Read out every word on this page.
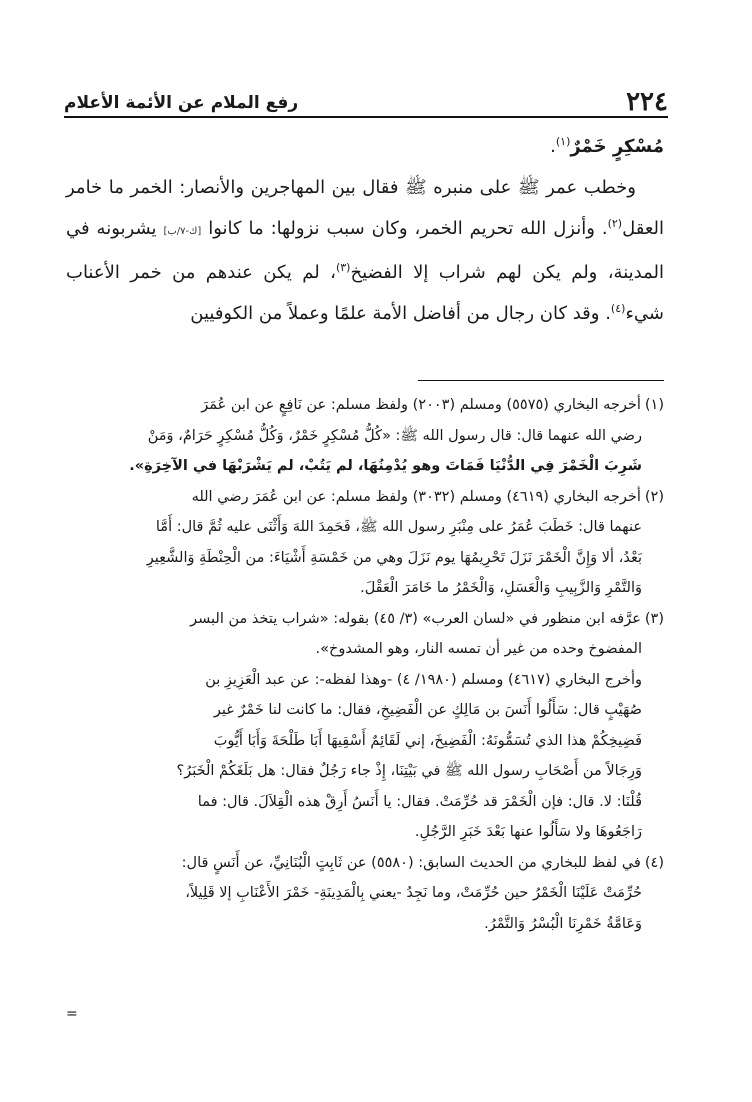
٢٢٤
رفع الملام عن الأئمة الأعلام

مُسْكِرٍ خَمْرٌ$^{(١)}$.

وخطب عمر ﷺ على منبره ﷺ فقال بين المهاجرين والأنصار: الخمر ما خامر العقل$^{(٢)}$. وأنزل الله تحريم الخمر، وكان سبب نزولها: ما كانوا [ك-٧/ب] يشربونه في المدينة، ولم يكن لهم شراب إلا الفضيخ$^{(٣)}$، لم يكن عندهم من خمر الأعناب شيء$^{(٤)}$. وقد كان رجال من أفاضل الأمة علمًا وعملاً من الكوفيين

(١)أخرجه البخاري (٥٥٧٥) ومسلم (٢٠٠٣) ولفظ مسلم: عن نَافِعٍ عن ابن عُمَرَ
رضي الله عنهما قال: قال رسول الله ﷺ: «كُلُّ مُسْكِرٍ خَمْرٌ، وَكُلُّ مُسْكِرٍ حَرَامٌ، وَمَنْ
شَرِبَ الْخَمْرَ فِي الدُّنْيَا فَمَاتَ وهو يُدْمِنُهَا، لم يَتُبْ، لم يَشْرَبْهَا في الآخِرَةِ».
(٢)أخرجه البخاري (٤٦١٩) ومسلم (٣٠٣٢) ولفظ مسلم: عن ابن عُمَرَ رضي الله
عنهما قال: خَطَبَ عُمَرُ على مِنْبَرِ رسول الله ﷺ، فَحَمِدَ اللهَ وَأَثْنَى عليه ثُمَّ قال: أَمَّا
بَعْدُ، ألا وَإِنَّ الْخَمْرَ نَزَلَ تَحْرِيمُهَا يوم نَزَلَ وهي من خَمْسَةِ أَشْيَاءَ: من الْحِنْطَةِ وَالشَّعِيرِ
وَالتَّمْرِ وَالزَّبِيبِ وَالْعَسَلِ، وَالْخَمْرُ ما خَامَرَ الْعَقْلَ.
(٣)عرَّفه ابن منظور في «لسان العرب» (٣/ ٤٥) بقوله: «شراب يتخذ من البسر
المفضوخ وحده من غير أن تمسه النار، وهو المشدوخ».
وأخرج البخاري (٤٦١٧) ومسلم (١٩٨٠/ ٤) -وهذا لفظه-: عن عبد الْعَزِيزِ بن
صُهَيْبٍ قال: سَأَلُوا أَنَسَ بن مَالِكٍ عن الْفَضِيخِ، فقال: ما كانت لنا خَمْرٌ غير
فَضِيخِكُمْ هذا الذي تُسَمُّونَهُ: الْفَضِيخَ، إني لَقَائِمٌ أَسْقِيهَا أَبَا طَلْحَةَ وَأَبَا أَيُّوبَ
وَرِجَالاً من أَصْحَابِ رسول الله ﷺ في بَيْتِنَا، إِذْ جاء رَجُلٌ فقال: هل بَلَغَكُمْ الْخَبَرُ؟
قُلْنَا: لا. قال: فإن الْخَمْرَ قد حُرِّمَتْ. فقال: يا أَنَسُ أَرِقْ هذه الْقِلاَلَ. قال: فما
رَاجَعُوهَا ولا سَأَلُوا عنها بَعْدَ خَبَرِ الرَّجُلِ.
(٤)في لفظ للبخاري من الحديث السابق: (٥٥٨٠) عن ثَابِتٍ الْبُنَانِيِّ، عن أَنَسٍ قال:
حُرِّمَتْ عَلَيْنَا الْخَمْرُ حين حُرِّمَتْ، وما نَجِدُ -يعني بِالْمَدِينَةِ- خَمْرَ الأَعْنَابِ إلا قَلِيلاً،
وَعَامَّةُ خَمْرِنَا الْبُسْرُ وَالتَّمْرُ.
=
